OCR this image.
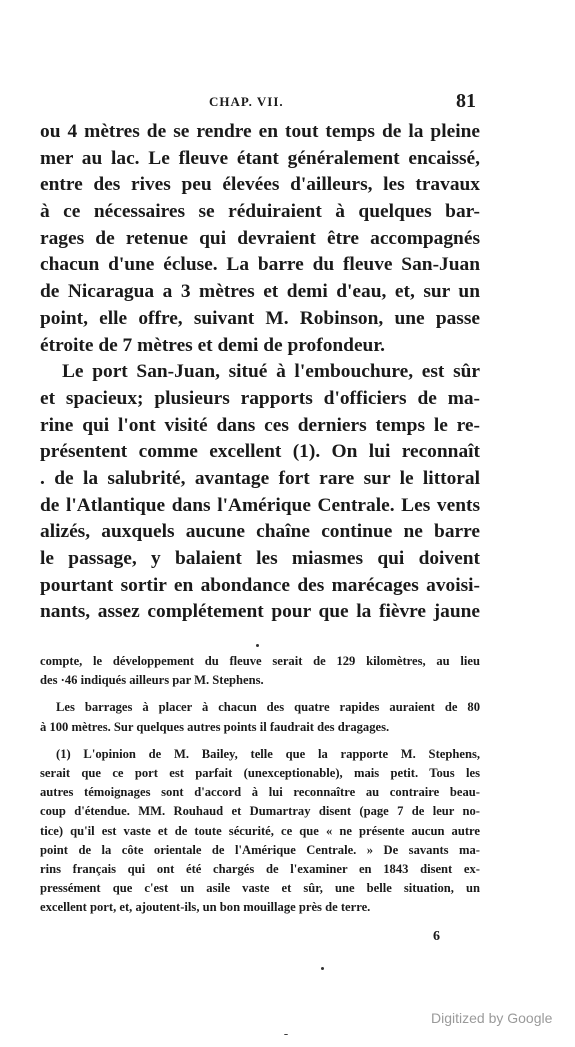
CHAP. VII.	81
ou 4 mètres de se rendre en tout temps de la pleine
mer au lac. Le fleuve étant généralement encaissé,
entre des rives peu élevées d'ailleurs, les travaux
à ce nécessaires se réduiraient à quelques bar-
rages de retenue qui devraient être accompagnés
chacun d'une écluse. La barre du fleuve San-Juan
de Nicaragua a 3 mètres et demi d'eau, et, sur un
point, elle offre, suivant M. Robinson, une passe
étroite de 7 mètres et demi de profondeur.
Le port San-Juan, situé à l'embouchure, est sûr
et spacieux; plusieurs rapports d'officiers de ma-
rine qui l'ont visité dans ces derniers temps le re-
présentent comme excellent (1). On lui reconnaît
. de la salubrité, avantage fort rare sur le littoral
de l'Atlantique dans l'Amérique Centrale. Les vents
alizés, auxquels aucune chaîne continue ne barre
le passage, y balaient les miasmes qui doivent
pourtant sortir en abondance des marécages avoisi-
nants, assez complétement pour que la fièvre jaune
compte, le développement du fleuve serait de 129 kilomètres, au lieu
des ·46 indiqués ailleurs par M. Stephens.
Les barrages à placer à chacun des quatre rapides auraient de 80
à 100 mètres. Sur quelques autres points il faudrait des dragages.
(1) L'opinion de M. Bailey, telle que la rapporte M. Stephens,
serait que ce port est parfait (unexceptionable), mais petit. Tous les
autres témoignages sont d'accord à lui reconnaître au contraire beau-
coup d'étendue. MM. Rouhaud et Dumartray disent (page 7 de leur no-
tice) qu'il est vaste et de toute sécurité, ce que « ne présente aucun autre
point de la côte orientale de l'Amérique Centrale. » De savants ma-
rins français qui ont été chargés de l'examiner en 1843 disent ex-
pressément que c'est un asile vaste et sûr, une belle situation, un
excellent port, et, ajoutent-ils, un bon mouillage près de terre.
6
Digitized by Google
